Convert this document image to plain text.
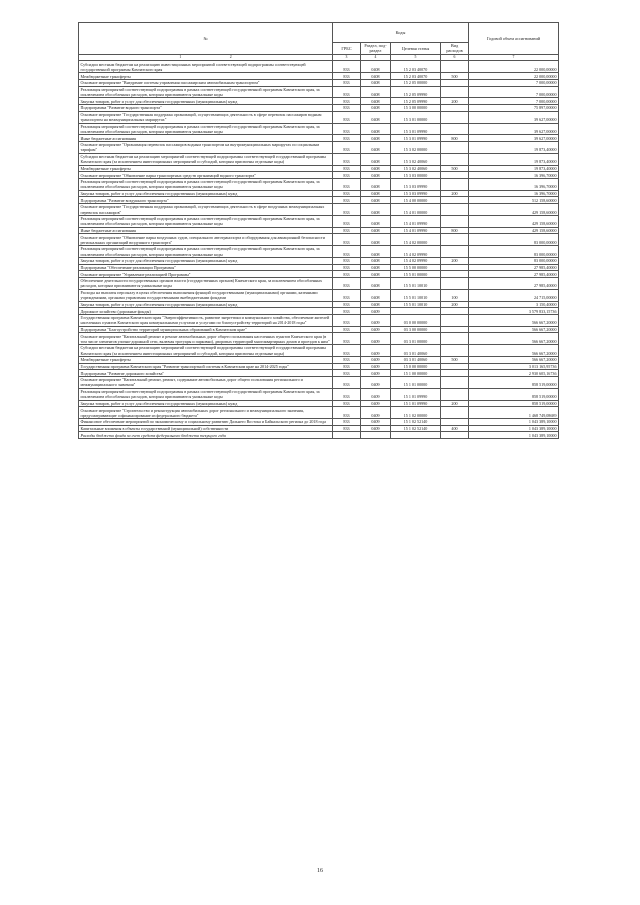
№	Коды				Годовой объем ассигнований
	ГРБС	Раздел, под-раздел	Целевая статья	Вид расходов	
1 2	3	4	5	6	7
Субсидии местным бюджетам на реализацию инвестиционных мероприятий соответствующей подпрограммы соответствующей государственной программы Камчатского края	833	0408	15 2 03 40070		22 000,00000
Межбюджетные трансферты	833	0408	15 2 03 40070	500	22 000,00000
Основное мероприятие "Внедрение системы управления пассажирским автомобильным транспортом"	833	0408	15 2 05 00000		7 000,00000
Реализация мероприятий соответствующей подпрограммы в рамках соответствующей государственной программы Камчатского края, за исключением обособленных расходов, которым присваиваются уникальные коды	833	0408	15 2 05 09990		7 000,00000
Закупка товаров, работ и услуг для обеспечения государственных (муниципальных) нужд	833	0408	15 2 05 09990	200	7 000,00000
Подпрограмма "Развитие водного транспорта"	833	0408	15 3 00 00000		75 897,00000
Основное мероприятие "Государственная поддержка организаций, осуществляющих деятельность в сфере перевозок пассажиров водным транспортом на межмуниципальных маршрутах"	833	0408	15 3 01 00000		39 627,00000
Реализация мероприятий соответствующей подпрограммы в рамках соответствующей государственной программы Камчатского края, за исключением обособленных расходов, которым присваиваются уникальные коды	833	0408	15 3 01 09990		39 627,00000
Иные бюджетные ассигнования	833	0408	15 3 01 09990	800	39 627,00000
Основное мероприятие "Организация перевозок пассажиров водным транспортом на внутримуниципальных маршрутах по социальным тарифам"	833	0408	15 3 02 00000		19 873,40000
Субсидии местным бюджетам на реализацию мероприятий соответствующей подпрограммы соответствующей государственной программы Камчатского края (за исключением инвестиционных мероприятий и субсидий, которым присвоены отдельные коды)	833	0408	15 3 02 40060		19 873,40000
Межбюджетные трансферты	833	0408	15 3 02 40060	500	19 873,40000
Основное мероприятие "Обновление парка транспортных средств организаций водного транспорта"	833	0408	15 3 03 00000		16 396,70000
Реализация мероприятий соответствующей подпрограммы в рамках соответствующей государственной программы Камчатского края, за исключением обособленных расходов, которым присваиваются уникальные коды	833	0408	15 3 03 09990		16 396,70000
Закупка товаров, работ и услуг для обеспечения государственных (муниципальных) нужд	833	0408	15 3 03 09990	200	16 396,70000
Подпрограмма "Развитие воздушного транспорта"	833	0408	15 4 00 00000		512 158,60000
Основное мероприятие "Государственная поддержка организаций, осуществляющих деятельность в сфере воздушных межмуниципальных перевозок пассажиров"	833	0408	15 4 01 00000		429 158,60000
Реализация мероприятий соответствующей подпрограммы в рамках соответствующей государственной программы Камчатского края, за исключением обособленных расходов, которым присваиваются уникальные коды	833	0408	15 4 01 09990		429 158,60000
Иные бюджетные ассигнования	833	0408	15 4 01 09990	800	429 158,60000
Основное мероприятие "Обновление парка воздушных судов, специального автотранспорта и оборудования для авиационной безопасности региональных организаций воздушного транспорта"	833	0408	15 4 02 00000		83 000,00000
Реализация мероприятий соответствующей подпрограммы в рамках соответствующей государственной программы Камчатского края, за исключением обособленных расходов, которым присваиваются уникальные коды	833	0408	15 4 02 09990		83 000,00000
Закупка товаров, работ и услуг для обеспечения государственных (муниципальных) нужд	833	0408	15 4 02 09990	200	83 000,00000
Подпрограмма "Обеспечение реализации Программы"	833	0408	15 5 00 00000		27 985,40000
Основное мероприятие "Управление реализацией Программы"	833	0408	15 5 01 00000		27 985,40000
Обеспечение деятельности государственных органов власти (государственных органов) Камчатского края, за исключением обособленных расходов, которым присваиваются уникальные коды	833	0408	15 5 01 10010		27 985,40000
Расходы на выплаты персоналу в целях обеспечения выполнения функций государственными (муниципальными) органами, казенными учреждениями, органами управления государственными внебюджетными фондами	833	0408	15 5 01 10010	100	24 715,00000
Закупка товаров, работ и услуг для обеспечения государственных (муниципальных) нужд	833	0408	15 5 01 10010	200	3 150,40000
Дорожное хозяйство (дорожные фонды)	833	0409			3 579 833,15736
Государственная программа Камчатского края "Энергоэффективность, развитие энергетики и коммунального хозяйства, обеспечение жителей населенных пунктов Камчатского края коммунальными услугами и услугами по благоустройству территорий на 2014-2018 годы"	833	0409	03 0 00 00000		566 667,20000
Подпрограмма "Благоустройство территорий муниципальных образований в Камчатском крае"	833	0409	03 3 00 00000		566 667,20000
Основное мероприятие "Капитальный ремонт и ремонт автомобильных дорог общего пользования населенных пунктов Камчатского края (в том числе элементов улично-дорожной сети, включая тротуары и парковки), дворовых территорий многоквартирных домов и проездов к ним"	833	0409	03 3 01 00000		566 667,20000
Субсидии местным бюджетам на реализацию мероприятий соответствующей подпрограммы соответствующей государственной программы Камчатского края (за исключением инвестиционных мероприятий и субсидий, которым присвоены отдельные коды)	833	0409	03 3 01 40060		566 667,20000
Межбюджетные трансферты	833	0409	03 3 01 40060	500	566 667,20000
Государственная программа Камчатского края "Развитие транспортной системы в Камчатском крае на 2014-2025 годы"	833	0409	15 0 00 00000		3 013 165,95736
Подпрограмма "Развитие дорожного хозяйства"	833	0409	15 1 00 00000		2 930 605,16736
Основное мероприятие "Капитальный ремонт, ремонт, содержание автомобильных дорог общего пользования регионального и межмуниципального значения"	833	0409	15 1 01 00000		858 519,00000
Реализация мероприятий соответствующей подпрограммы в рамках соответствующей государственной программы Камчатского края, за исключением обособленных расходов, которым присваиваются уникальные коды	833	0409	15 1 01 09990		858 519,00000
Закупка товаров, работ и услуг для обеспечения государственных (муниципальных) нужд	833	0409	15 1 01 09990	200	858 519,00000
Основное мероприятие "Строительство и реконструкция автомобильных дорог регионального и межмуниципального значения, предусматривающие софинансирование из федерального бюджета"	833	0409	15 1 02 00000		1 468 749,08689
Финансовое обеспечение мероприятий по экономическому и социальному развитию Дальнего Востока и Байкальского региона до 2018 года	833	0409	15 1 02 52140		1 043 389,10000
Капитальные вложения в объекты государственной (муниципальной) собственности	833	0409	15 1 02 52140	400	1 043 389,10000
Расходы бюджета фонда за счет средств федерального бюджета текущего года					1 043 389,10000
16
